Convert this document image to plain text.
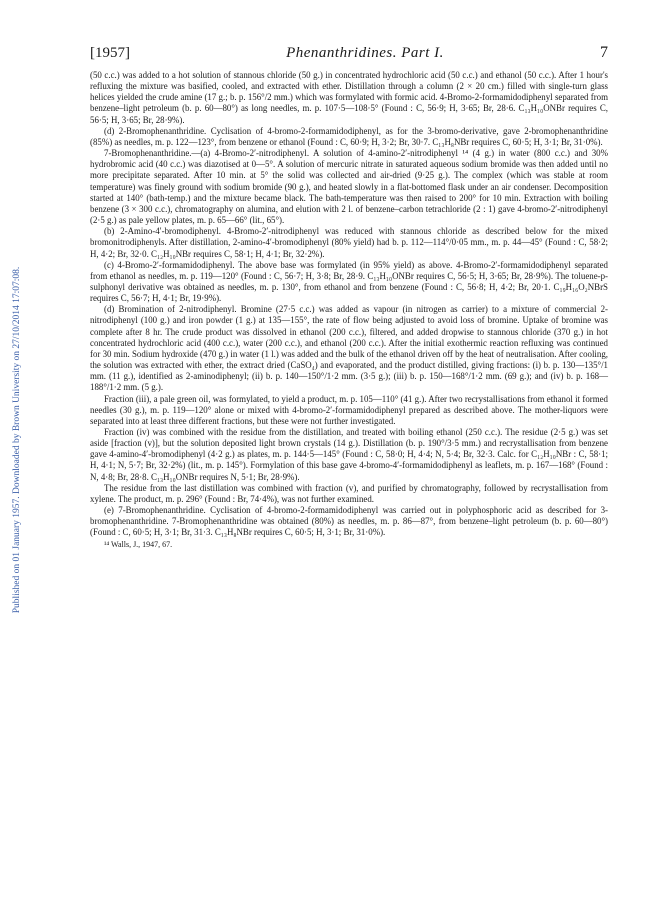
Published on 01 January 1957. Downloaded by Brown University on 27/10/2014 17:07:08.
[1957]	Phenanthridines. Part I.	7

(50 c.c.) was added to a hot solution of stannous chloride (50 g.) in concentrated hydrochloric acid (50 c.c.) and ethanol (50 c.c.). After 1 hour's refluxing the mixture was basified, cooled, and extracted with ether. Distillation through a column (2 × 20 cm.) filled with single-turn glass helices yielded the crude amine (17 g.; b. p. 156°/2 mm.) which was formylated with formic acid. 4-Bromo-2-formamidodiphenyl separated from benzene–light petroleum (b. p. 60—80°) as long needles, m. p. 107·5—108·5° (Found : C, 56·9; H, 3·65; Br, 28·6. C₁₃H₁₀ONBr requires C, 56·5; H, 3·65; Br, 28·9%).

(d) 2-Bromophenanthridine. Cyclisation of 4-bromo-2-formamidodiphenyl, as for the 3-bromo-derivative, gave 2-bromophenanthridine (85%) as needles, m. p. 122—123°, from benzene or ethanol (Found : C, 60·9; H, 3·2; Br, 30·7. C₁₃H₈NBr requires C, 60·5; H, 3·1; Br, 31·0%).

7-Bromophenanthridine.—(a) 4-Bromo-2′-nitrodiphenyl. A solution of 4-amino-2′-nitrodiphenyl ¹⁴ (4 g.) in water (800 c.c.) and 30% hydrobromic acid (40 c.c.) was diazotised at 0—5°. A solution of mercuric nitrate in saturated aqueous sodium bromide was then added until no more precipitate separated. After 10 min. at 5° the solid was collected and air-dried (9·25 g.). The complex (which was stable at room temperature) was finely ground with sodium bromide (90 g.), and heated slowly in a flat-bottomed flask under an air condenser. Decomposition started at 140° (bath-temp.) and the mixture became black. The bath-temperature was then raised to 200° for 10 min. Extraction with boiling benzene (3 × 300 c.c.), chromatography on alumina, and elution with 2 l. of benzene–carbon tetrachloride (2 : 1) gave 4-bromo-2′-nitrodiphenyl (2·5 g.) as pale yellow plates, m. p. 65—66° (lit., 65°).

(b) 2-Amino-4′-bromodiphenyl. 4-Bromo-2′-nitrodiphenyl was reduced with stannous chloride as described below for the mixed bromonitrodiphenyls. After distillation, 2-amino-4′-bromodiphenyl (80% yield) had b. p. 112—114°/0·05 mm., m. p. 44—45° (Found : C, 58·2; H, 4·2; Br, 32·0. C₁₂H₁₀NBr requires C, 58·1; H, 4·1; Br, 32·2%).

(c) 4-Bromo-2′-formamidodiphenyl. The above base was formylated (in 95% yield) as above. 4-Bromo-2′-formamidodiphenyl separated from ethanol as needles, m. p. 119—120° (Found : C, 56·7; H, 3·8; Br, 28·9. C₁₃H₁₀ONBr requires C, 56·5; H, 3·65; Br, 28·9%). The toluene-p-sulphonyl derivative was obtained as needles, m. p. 130°, from ethanol and from benzene (Found : C, 56·8; H, 4·2; Br, 20·1. C₁₉H₁₆O₂NBrS requires C, 56·7; H, 4·1; Br, 19·9%).

(d) Bromination of 2-nitrodiphenyl. Bromine (27·5 c.c.) was added as vapour (in nitrogen as carrier) to a mixture of commercial 2-nitrodiphenyl (100 g.) and iron powder (1 g.) at 135—155°, the rate of flow being adjusted to avoid loss of bromine. Uptake of bromine was complete after 8 hr. The crude product was dissolved in ethanol (200 c.c.), filtered, and added dropwise to stannous chloride (370 g.) in hot concentrated hydrochloric acid (400 c.c.), water (200 c.c.), and ethanol (200 c.c.). After the initial exothermic reaction refluxing was continued for 30 min. Sodium hydroxide (470 g.) in water (1 l.) was added and the bulk of the ethanol driven off by the heat of neutralisation. After cooling, the solution was extracted with ether, the extract dried (CaSO₄) and evaporated, and the product distilled, giving fractions: (i) b. p. 130—135°/1 mm. (11 g.), identified as 2-aminodiphenyl; (ii) b. p. 140—150°/1·2 mm. (3·5 g.); (iii) b. p. 150—168°/1·2 mm. (69 g.); and (iv) b. p. 168—188°/1·2 mm. (5 g.).

Fraction (iii), a pale green oil, was formylated, to yield a product, m. p. 105—110° (41 g.). After two recrystallisations from ethanol it formed needles (30 g.), m. p. 119—120° alone or mixed with 4-bromo-2′-formamidodiphenyl prepared as described above. The mother-liquors were separated into at least three different fractions, but these were not further investigated.

Fraction (iv) was combined with the residue from the distillation, and treated with boiling ethanol (250 c.c.). The residue (2·5 g.) was set aside [fraction (v)], but the solution deposited light brown crystals (14 g.). Distillation (b. p. 190°/3·5 mm.) and recrystallisation from benzene gave 4-amino-4′-bromodiphenyl (4·2 g.) as plates, m. p. 144·5—145° (Found : C, 58·0; H, 4·4; N, 5·4; Br, 32·3. Calc. for C₁₂H₁₀NBr : C, 58·1; H, 4·1; N, 5·7; Br, 32·2%) (lit., m. p. 145°). Formylation of this base gave 4-bromo-4′-formamidodiphenyl as leaflets, m. p. 167—168° (Found : N, 4·8; Br, 28·8. C₁₃H₁₀ONBr requires N, 5·1; Br, 28·9%).

The residue from the last distillation was combined with fraction (v), and purified by chromatography, followed by recrystallisation from xylene. The product, m. p. 296° (Found : Br, 74·4%), was not further examined.

(e) 7-Bromophenanthridine. Cyclisation of 4-bromo-2-formamidodiphenyl was carried out in polyphosphoric acid as described for 3-bromophenanthridine. 7-Bromophenanthridine was obtained (80%) as needles, m. p. 86—87°, from benzene–light petroleum (b. p. 60—80°) (Found : C, 60·5; H, 3·1; Br, 31·3. C₁₃H₈NBr requires C, 60·5; H, 3·1; Br, 31·0%).

¹⁴ Walls, J., 1947, 67.
